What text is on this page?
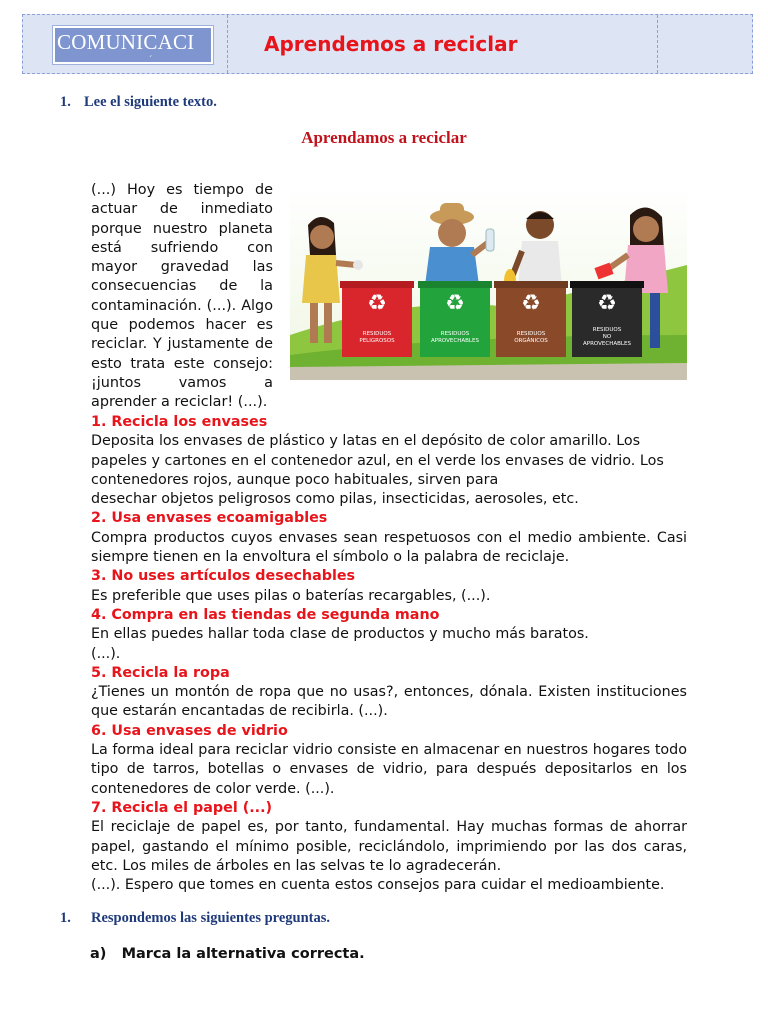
COMUNICACI
´
Aprendemos a reciclar
1. Lee el siguiente texto.
Aprendamos a reciclar
(...) Hoy es tiempo de actuar de inmediato porque nuestro planeta está sufriendo con mayor gravedad las consecuencias de la contaminación. (...). Algo que podemos hacer es reciclar. Y justamente de esto trata este consejo: ¡juntos vamos a aprender a reciclar! (...).
♻
RESIDUOS
PELIGROSOS
♻
RESIDUOS
APROVECHABLES
♻
RESIDUOS
ORGÁNICOS
♻
RESIDUOS
NO
APROVECHABLES
1. Recicla los envases
Deposita los envases de plástico y latas en el depósito de color amarillo. Los papeles y cartones en el contenedor azul, en el verde los envases de vidrio. Los contenedores rojos, aunque poco habituales, sirven para
desechar objetos peligrosos como pilas, insecticidas, aerosoles, etc.
2. Usa envases ecoamigables
Compra productos cuyos envases sean respetuosos con el medio ambiente. Casi siempre tienen en la envoltura el símbolo o la palabra de reciclaje.
3. No uses artículos desechables
Es preferible que uses pilas o baterías recargables, (...).
4. Compra en las tiendas de segunda mano
En ellas puedes hallar toda clase de productos y mucho más baratos.
(...).
5. Recicla la ropa
¿Tienes un montón de ropa que no usas?, entonces, dónala. Existen instituciones que estarán encantadas de recibirla. (...).
6. Usa envases de vidrio
La forma ideal para reciclar vidrio consiste en almacenar en nuestros hogares todo tipo de tarros, botellas o envases de vidrio, para después depositarlos en los contenedores de color verde. (...).
7. Recicla el papel (...)
El reciclaje de papel es, por tanto, fundamental. Hay muchas formas de ahorrar papel, gastando el mínimo posible, reciclándolo, imprimiendo por las dos caras, etc. Los miles de árboles en las selvas te lo agradecerán.
(...). Espero que tomes en cuenta estos consejos para cuidar el medioambiente.
1. Respondemos las siguientes preguntas.
a) Marca la alternativa correcta.
